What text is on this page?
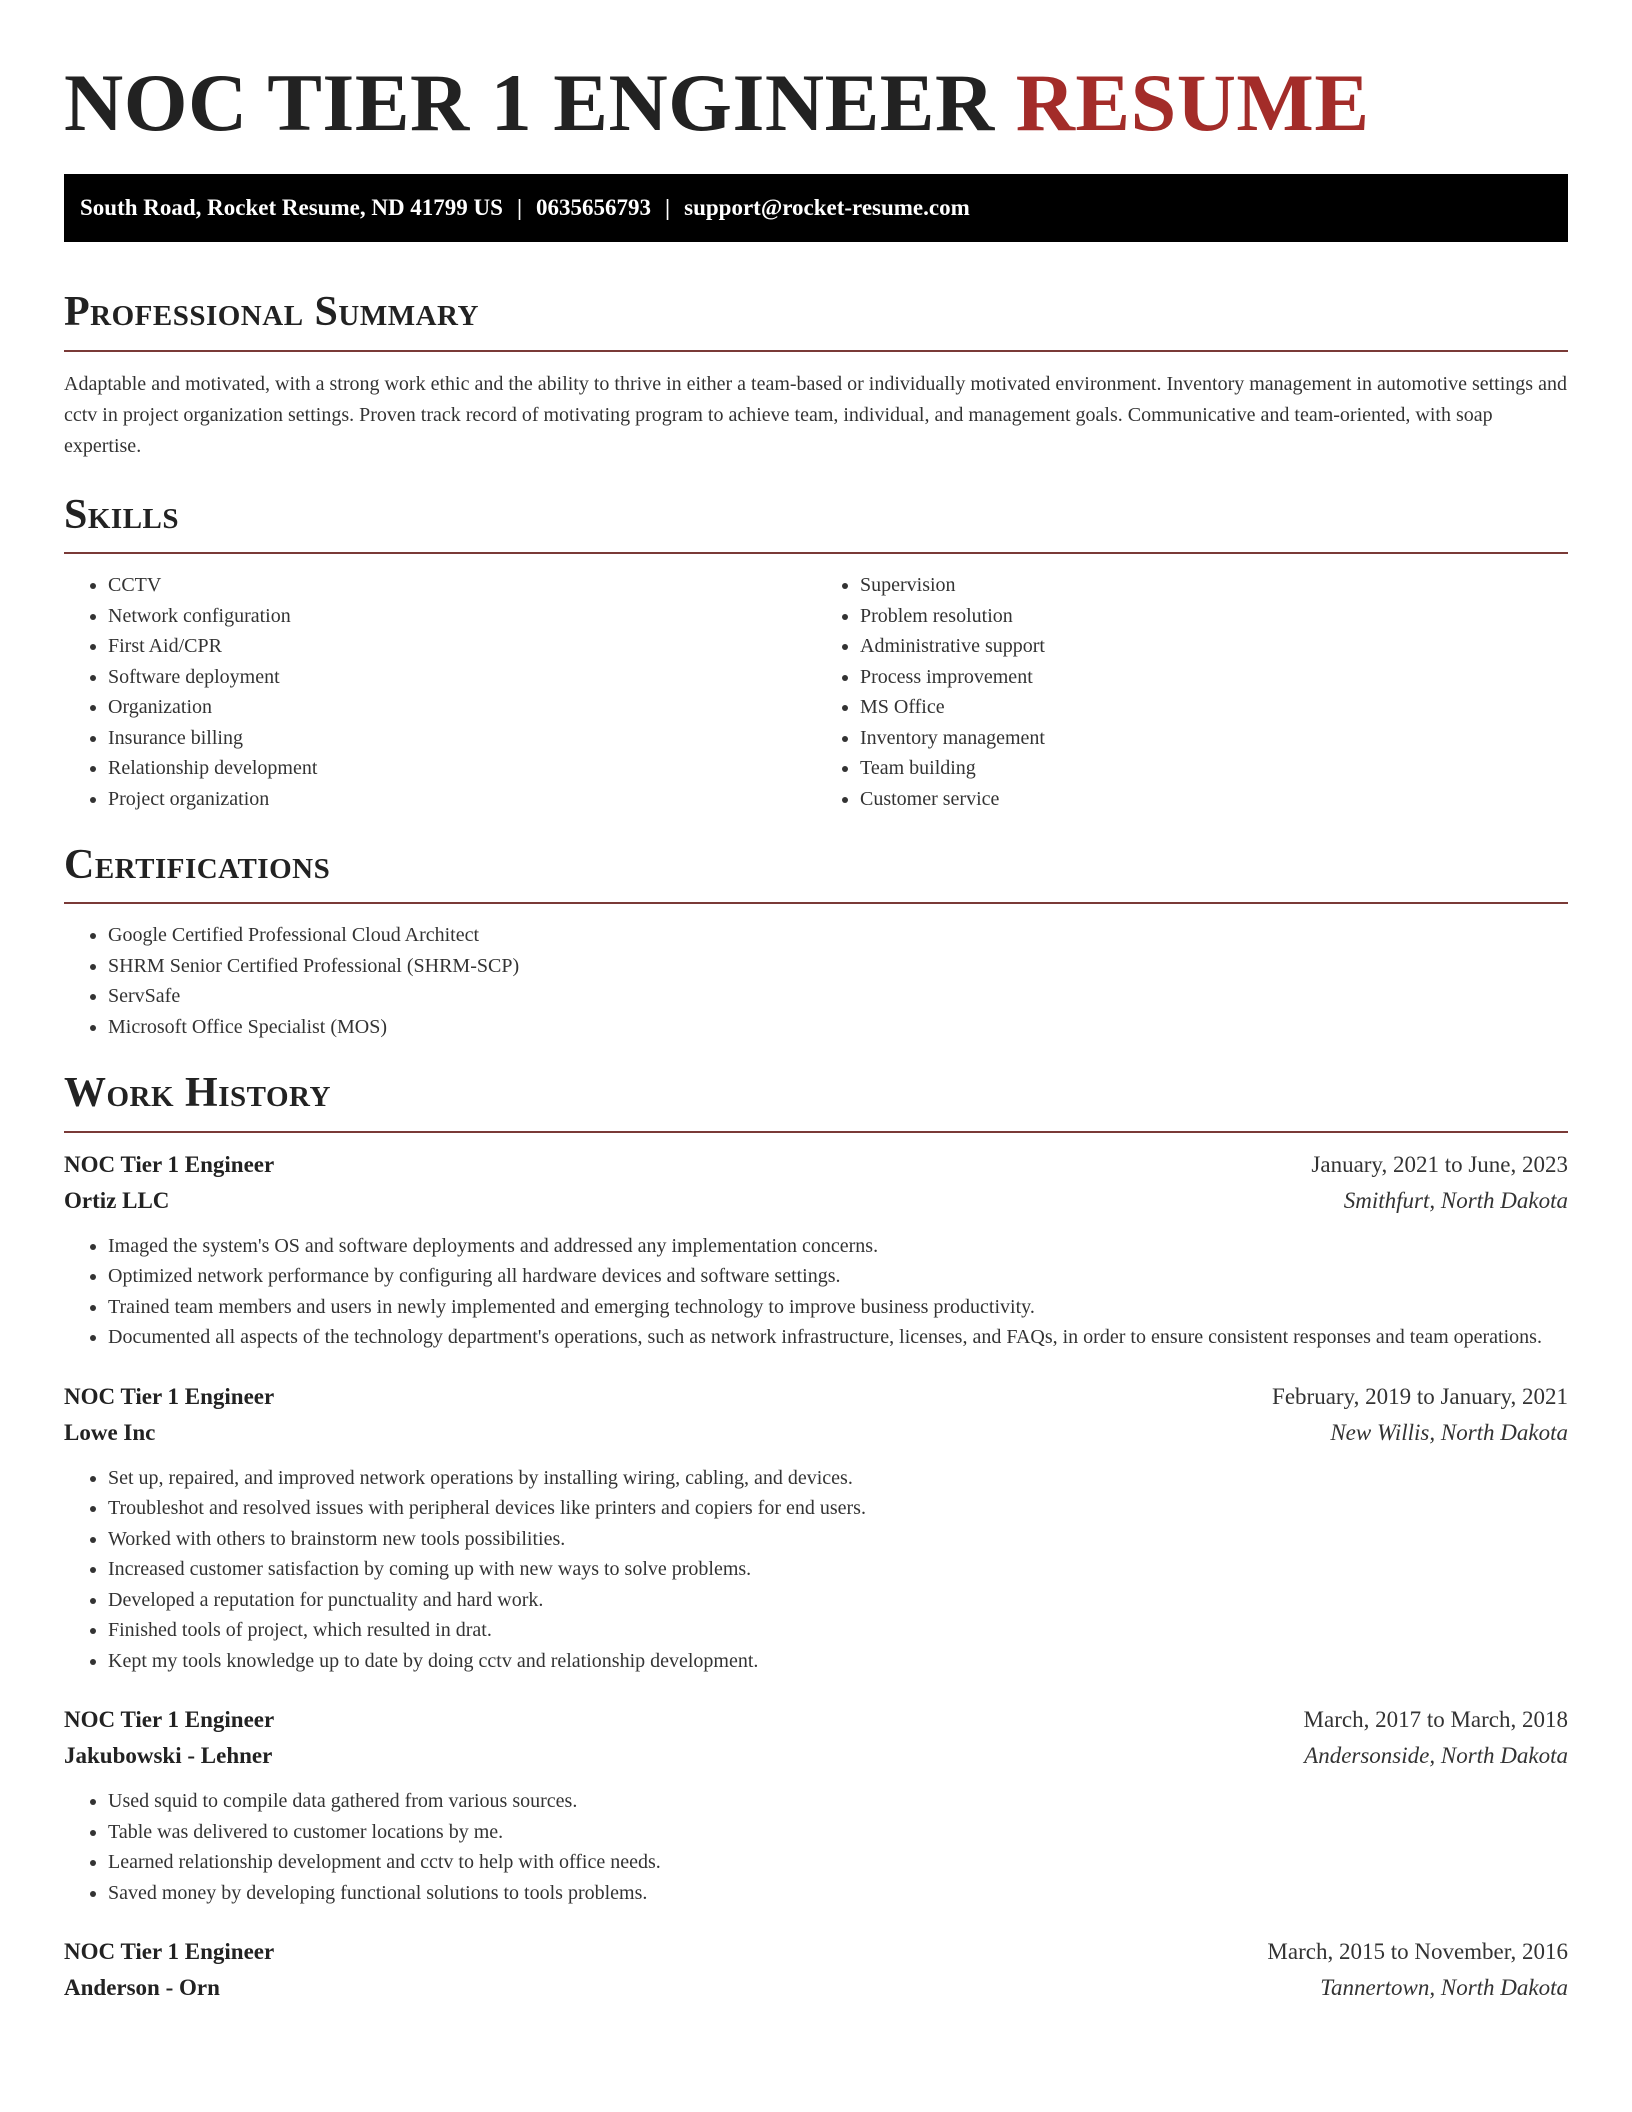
NOC TIER 1 ENGINEER RESUME
South Road, Rocket Resume, ND 41799 US | 0635656793 | support@rocket-resume.com
Professional Summary

Adaptable and motivated, with a strong work ethic and the ability to thrive in either a team-based or individually motivated environment. Inventory management in automotive settings and cctv in project organization settings. Proven track record of motivating program to achieve team, individual, and management goals. Communicative and team-oriented, with soap expertise.

Skills
• CCTV
• Network configuration
• First Aid/CPR
• Software deployment
• Organization
• Insurance billing
• Relationship development
• Project organization
• Supervision
• Problem resolution
• Administrative support
• Process improvement
• MS Office
• Inventory management
• Team building
• Customer service
Certifications
• Google Certified Professional Cloud Architect
• SHRM Senior Certified Professional (SHRM-SCP)
• ServSafe
• Microsoft Office Specialist (MOS)
Work History
NOC Tier 1 Engineer	January, 2021 to June, 2023
Ortiz LLC	Smithfurt, North Dakota
• Imaged the system's OS and software deployments and addressed any implementation concerns.
• Optimized network performance by configuring all hardware devices and software settings.
• Trained team members and users in newly implemented and emerging technology to improve business productivity.
• Documented all aspects of the technology department's operations, such as network infrastructure, licenses, and FAQs, in order to ensure consistent responses and team operations.
NOC Tier 1 Engineer	February, 2019 to January, 2021
Lowe Inc	New Willis, North Dakota
• Set up, repaired, and improved network operations by installing wiring, cabling, and devices.
• Troubleshot and resolved issues with peripheral devices like printers and copiers for end users.
• Worked with others to brainstorm new tools possibilities.
• Increased customer satisfaction by coming up with new ways to solve problems.
• Developed a reputation for punctuality and hard work.
• Finished tools of project, which resulted in drat.
• Kept my tools knowledge up to date by doing cctv and relationship development.
NOC Tier 1 Engineer	March, 2017 to March, 2018
Jakubowski - Lehner	Andersonside, North Dakota
• Used squid to compile data gathered from various sources.
• Table was delivered to customer locations by me.
• Learned relationship development and cctv to help with office needs.
• Saved money by developing functional solutions to tools problems.
NOC Tier 1 Engineer	March, 2015 to November, 2016
Anderson - Orn	Tannertown, North Dakota
